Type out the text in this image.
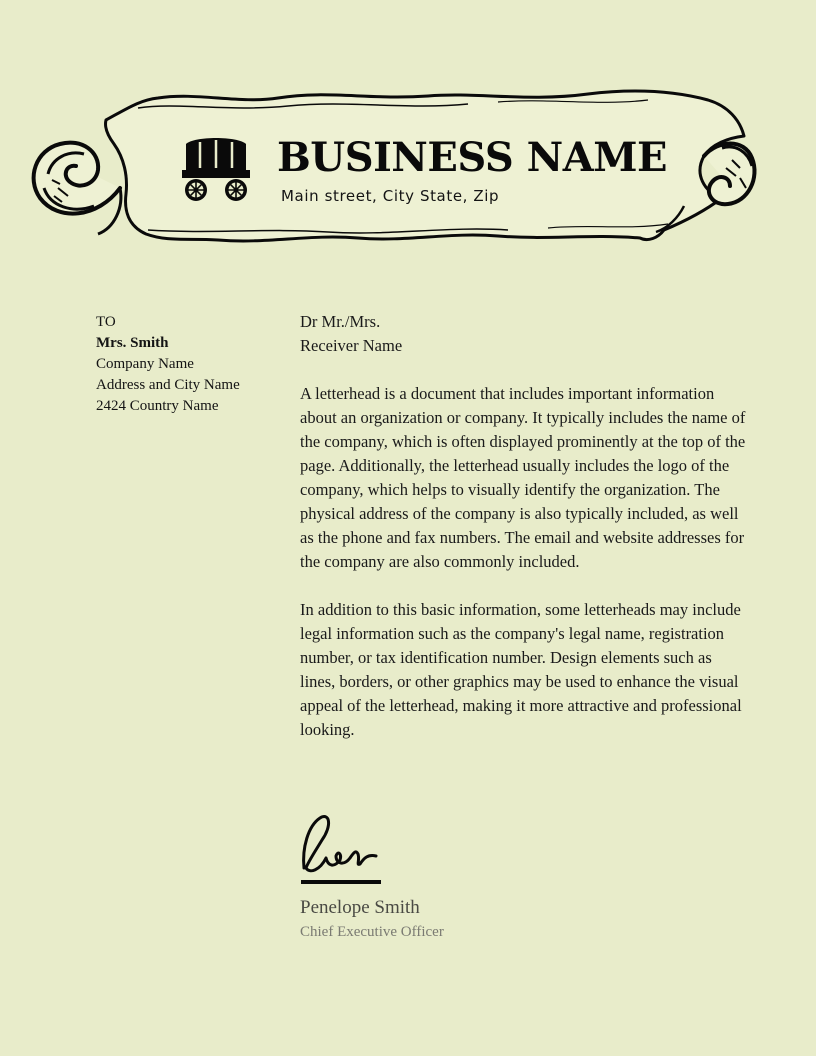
BUSINESS NAME
Main street, City State, Zip
TO
Mrs. Smith
Company Name
Address and City Name
2424 Country Name
Dr Mr./Mrs.
Receiver Name

A letterhead is a document that includes important information about an organization or company. It typically includes the name of the company, which is often displayed prominently at the top of the page. Additionally, the letterhead usually includes the logo of the company, which helps to visually identify the organization. The physical address of the company is also typically included, as well as the phone and fax numbers. The email and website addresses for the company are also commonly included.

In addition to this basic information, some letterheads may include legal information such as the company's legal name, registration number, or tax identification number. Design elements such as lines, borders, or other graphics may be used to enhance the visual appeal of the letterhead, making it more attractive and professional looking.

Penelope Smith
Chief Executive Officer
